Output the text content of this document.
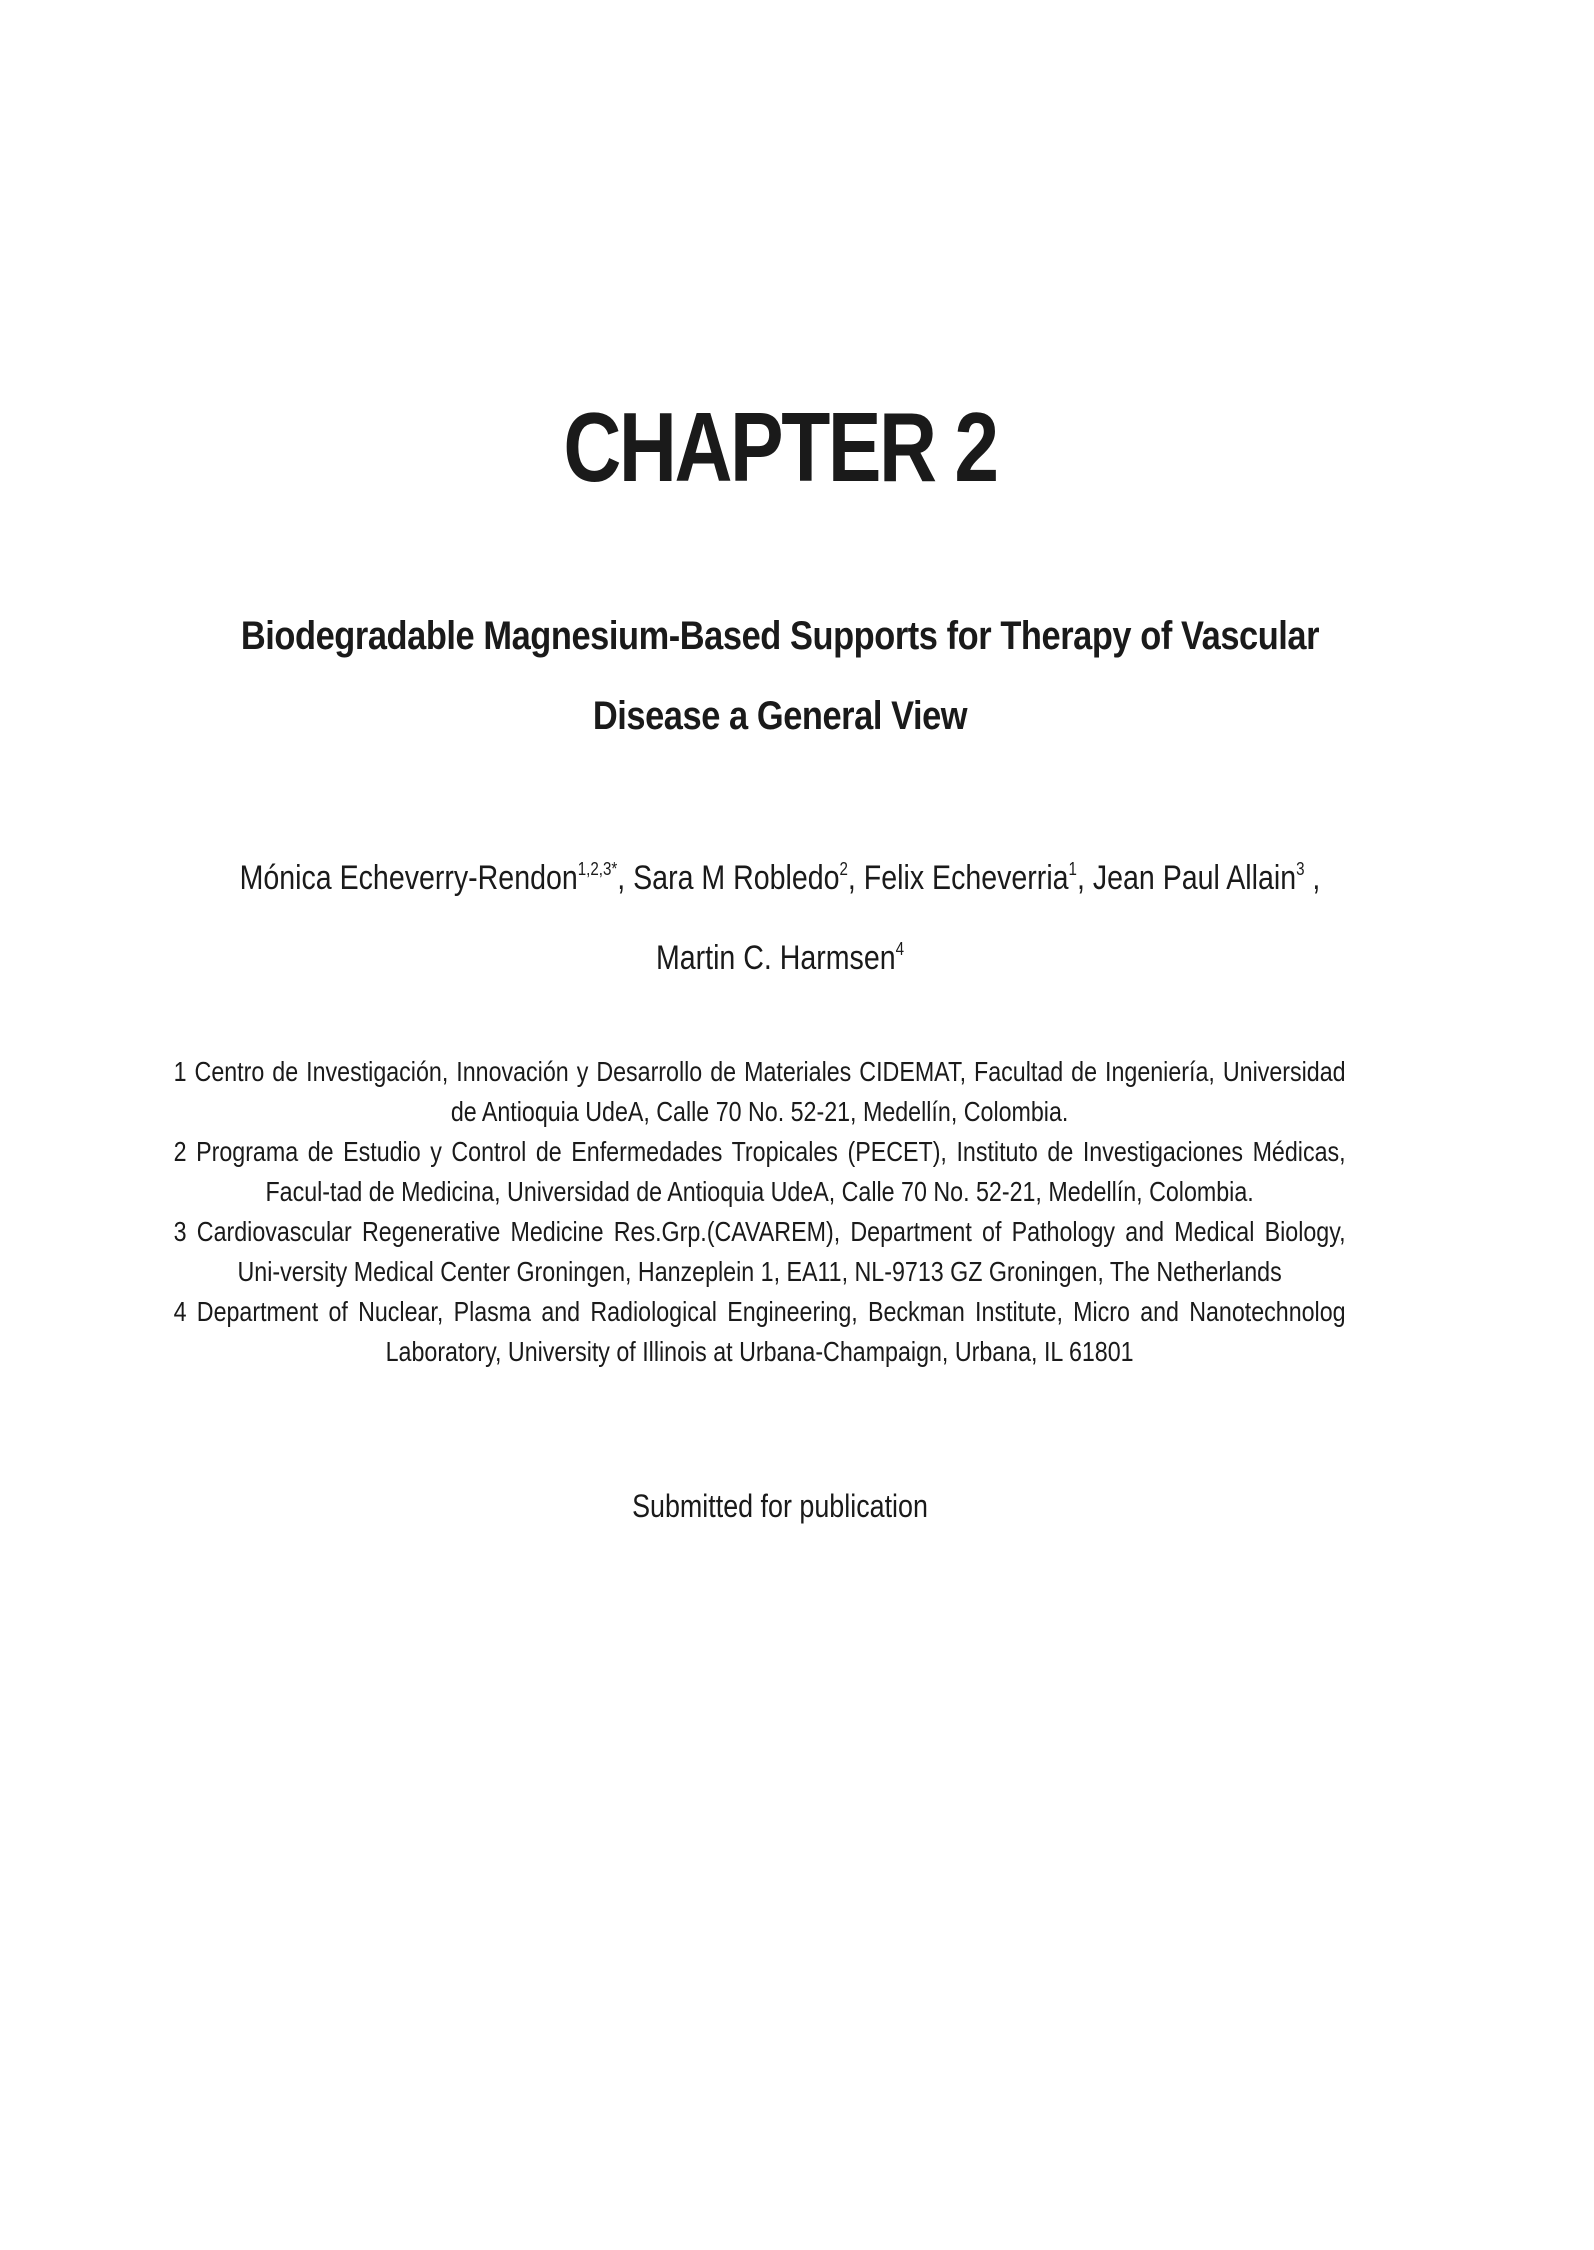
CHAPTER 2
Biodegradable Magnesium-Based Supports for Therapy of Vascular
Disease a General View
Mónica Echeverry-Rendon$^{1,2,3*}$, Sara M Robledo$^2$, Felix Echeverria$^1$, Jean Paul Allain$^3$ ,
Martin C. Harmsen$^4$
1 Centro de Investigación, Innovación y Desarrollo de Materiales CIDEMAT, Facultad de Ingeniería, Universidad de Antioquia UdeA, Calle 70 No. 52-21, Medellín, Colombia.
2 Programa de Estudio y Control de Enfermedades Tropicales (PECET), Instituto de Investigaciones Médicas, Facul-tad de Medicina, Universidad de Antioquia UdeA, Calle 70 No. 52-21, Medellín, Colombia.
3 Cardiovascular Regenerative Medicine Res.Grp.(CAVAREM), Department of Pathology and Medical Biology, Uni-versity Medical Center Groningen, Hanzeplein 1, EA11, NL-9713 GZ Groningen, The Netherlands
4 Department of Nuclear, Plasma and Radiological Engineering, Beckman Institute, Micro and Nanotechnolog Laboratory, University of Illinois at Urbana-Champaign, Urbana, IL 61801

Submitted for publication
